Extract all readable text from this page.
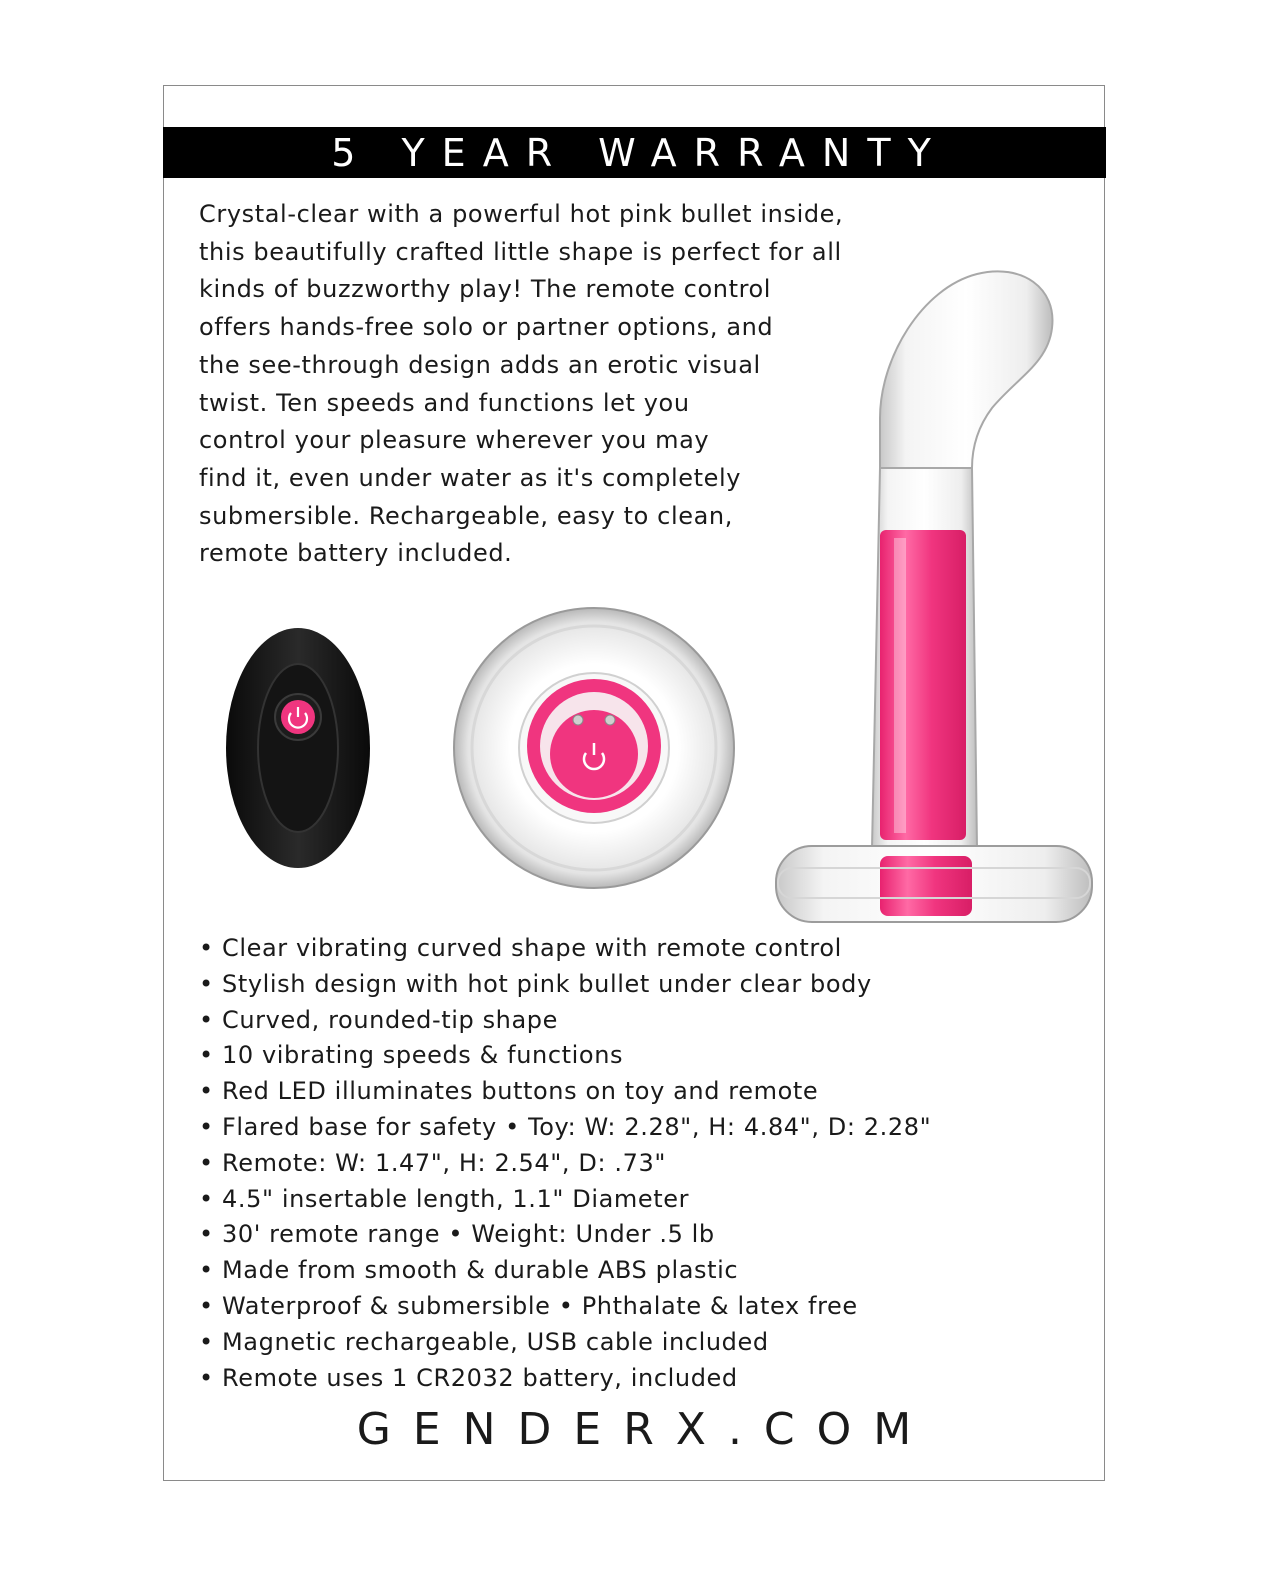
5 YEAR WARRANTY

Crystal-clear with a powerful hot pink bullet inside,
this beautifully crafted little shape is perfect for all
kinds of buzzworthy play! The remote control
offers hands-free solo or partner options, and
the see-through design adds an erotic visual
twist. Ten speeds and functions let you
control your pleasure wherever you may
find it, even under water as it's completely
submersible. Rechargeable, easy to clean,
remote battery included.

• Clear vibrating curved shape with remote control
• Stylish design with hot pink bullet under clear body
• Curved, rounded-tip shape
• 10 vibrating speeds & functions
• Red LED illuminates buttons on toy and remote
• Flared base for safety • Toy: W: 2.28", H: 4.84", D: 2.28"
• Remote: W: 1.47", H: 2.54", D: .73"
• 4.5" insertable length, 1.1" Diameter
• 30' remote range • Weight: Under .5 lb
• Made from smooth & durable ABS plastic
• Waterproof & submersible • Phthalate & latex free
• Magnetic rechargeable, USB cable included
• Remote uses 1 CR2032 battery, included
GENDERX.COM
